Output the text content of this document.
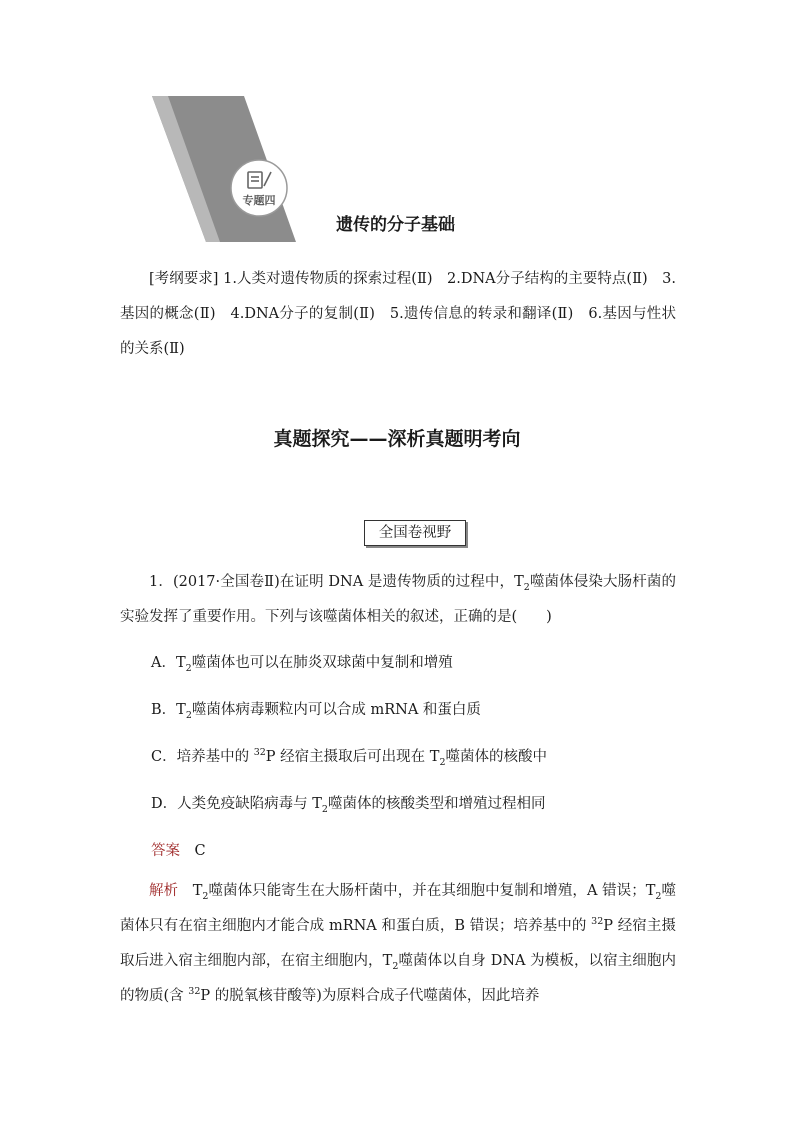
专题四
遗传的分子基础
[考纲要求] 1.人类对遗传物质的探索过程(Ⅱ)　2.DNA分子结构的主要特点(Ⅱ)　3.基因的概念(Ⅱ)　4.DNA分子的复制(Ⅱ)　5.遗传信息的转录和翻译(Ⅱ)　6.基因与性状的关系(Ⅱ)
真题探究——深析真题明考向
全国卷视野
1．(2017·全国卷Ⅱ)在证明 DNA 是遗传物质的过程中，$T_2$噬菌体侵染大肠杆菌的实验发挥了重要作用。下列与该噬菌体相关的叙述，正确的是(　　)
A．$T_2$噬菌体也可以在肺炎双球菌中复制和增殖
B．$T_2$噬菌体病毒颗粒内可以合成 mRNA 和蛋白质
C．培养基中的 $^{32}$P 经宿主摄取后可出现在 $T_2$噬菌体的核酸中
D．人类免疫缺陷病毒与 $T_2$噬菌体的核酸类型和增殖过程相同
答案　 C
解析　 $T_2$噬菌体只能寄生在大肠杆菌中，并在其细胞中复制和增殖，A 错误；$T_2$噬菌体只有在宿主细胞内才能合成 mRNA 和蛋白质，B 错误；培养基中的 $^{32}$P 经宿主摄取后进入宿主细胞内部，在宿主细胞内，$T_2$噬菌体以自身 DNA 为模板，以宿主细胞内的物质(含 $^{32}$P 的脱氧核苷酸等)为原料合成子代噬菌体，因此培养
